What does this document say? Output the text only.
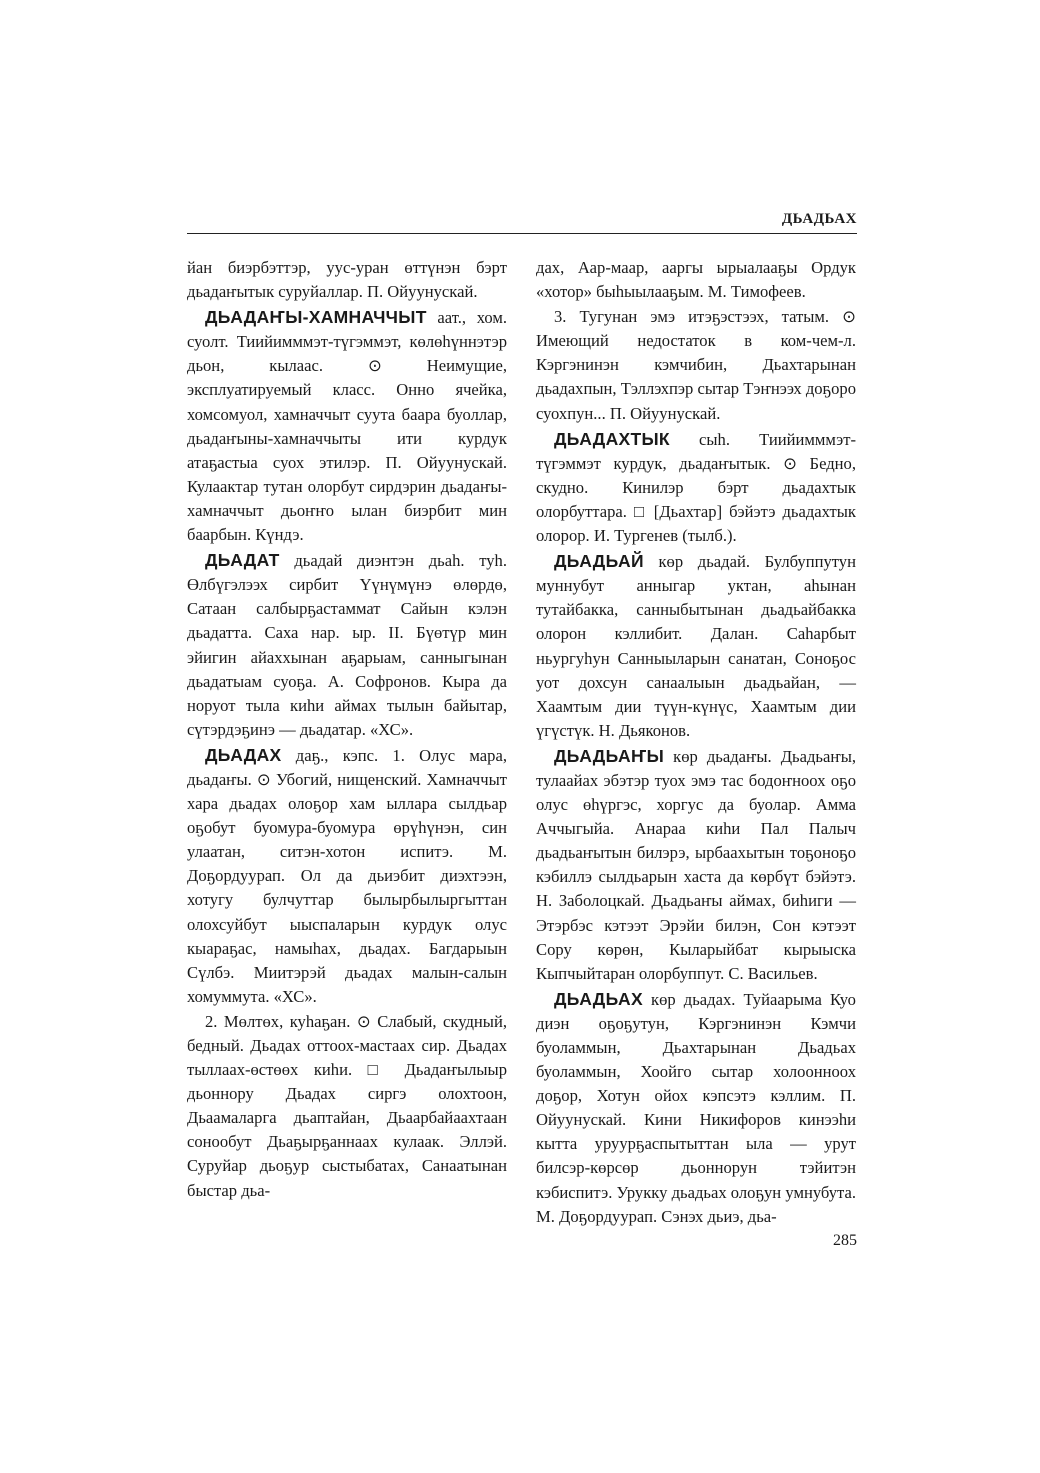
ДЬАДЬАХ

йан биэрбэттэр, уус-уран өттүнэн бэрт дьадаҥытык суруйаллар. П. Ойуунускай.

ДЬАДАҤЫ-ХАМНАЧЧЫТ аат., хом. суолт. Тиийимммэт-түгэммэт, көлөһүннэтэр дьон, кылаас. ⊙ Неимущие, эксплуатируемый класс. Онно ячейка, хомсомуол, хамначчыт суута баара буоллар, дьадаҥыны-хамначчыты ити курдук атаҕастыа суох этилэр. П. Ойуунускай. Кулаактар тутан олорбут сирдэрин дьадаҥы-хамначчыт дьоҥҥо ылан биэрбит мин баарбын. Күндэ.

ДЬАДАТ дьадай диэнтэн дьаһ. туһ. Өлбүгэлээх сирбит Үүнүмүнэ өлөрдө, Сатаан салбырҕастаммат Сайын кэлэн дьадатта. Саха нар. ыр. II. Бүөтүр мин эйигин айаххынан аҕарыам, санныгынан дьадатыам суоҕа. А. Софронов. Кыра да норуот тыла киһи аймах тылын байытар, сүтэрдэҕинэ — дьадатар. «ХС».

ДЬАДАХ даҕ., кэпс. 1. Олус мара, дьадаҥы. ⊙ Убогий, нищенский. Хамначчыт хара дьадах олоҕор хам ыллара сылдьар оҕобут буомура-буомура өрүһүнэн, син улаатан, ситэн-хотон испитэ. М. Доҕордуурап. Ол да дьиэбит диэхтээн, хотугу булчуттар былырбылыргыттан олохсуйбут ыыспаларын курдук олус кыараҕас, намыһах, дьадах. Багдарыын Сүлбэ. Миитэрэй дьадах малын-салын хомуммута. «ХС».

2. Мөлтөх, куһаҕан. ⊙ Слабый, скудный, бедный. Дьадах оттоох-мастаах сир. Дьадах тыллаах-өстөөх киһи. □ Дьадаҥылыыр дьоннору Дьадах сиргэ олохтоон, Дьаамаларга дьаптайан, Дьаарбайаахтаан сонообут Дьаҕырҕаннаах кулаак. Эллэй. Суруйар дьоҕур сыстыбатах, Санаатынан быстар дьа-

дах, Аар-маар, ааргы ырыалааҕы Ордук «хотор» быһыылааҕым. М. Тимофеев.

3. Тугунан эмэ итэҕэстээх, татым. ⊙ Имеющий недостаток в ком-чем-л. Кэргэнинэн кэмчибин, Дьахтарынан дьадахпын, Тэллэхпэр сытар Тэҥнээх доҕоро суохпун... П. Ойуунускай.

ДЬАДАХТЫК сыһ. Тиийимммэт-түгэммэт курдук, дьадаҥытык. ⊙ Бедно, скудно. Кинилэр бэрт дьадахтык олорбуттара. □ [Дьахтар] бэйэтэ дьадахтык олорор. И. Тургенев (тылб.).

ДЬАДЬАЙ көр дьадай. Булбуппутун муннубут анныгар уктан, аһынан тутайбакка, санныбытынан дьадьайбакка олорон кэллибит. Далан. Саһарбыт ньургуһун Санныыларын санатан, Соноҕос уот дохсун санаалыын дьадьайан, — Хаамтым дии түүн-күнүс, Хаамтым дии үгүстүк. Н. Дьяконов.

ДЬАДЬАҤЫ көр дьадаҥы. Дьадьаҥы, тулаайах эбэтэр туох эмэ тас бодоҥноох оҕо олус өһүргэс, хоргус да буолар. Амма Аччыгыйа. Анараа киһи Пал Палыч дьадьаҥытын билэрэ, ырбаахытын тоҕоноҕо кэбиллэ сылдьарын хаста да көрбүт бэйэтэ. Н. Заболоцкай. Дьадьаҥы аймах, биһиги — Этэрбэс кэтээт Эрэйи билэн, Сон кэтээт Сору көрөн, Кыларыйбат кырыыска Кыпчыйтаран олорбуппут. С. Васильев.

ДЬАДЬАХ көр дьадах. Туйаарыма Куо диэн оҕоҕутун, Кэргэнинэн Кэмчи буоламмын, Дьахтарынан Дьадьах буоламмын, Хоойго сытар холоонноох доҕор, Хотун ойох кэпсэтэ кэллим. П. Ойуунускай. Кини Никифоров кинээһи кытта уруурҕаспытыттан ыла — урут билсэр-көрсөр дьоннорун тэйитэн кэбиспитэ. Урукку дьадьах олоҕун умнубута. М. Доҕордуурап. Сэнэх дьиэ, дьа-

285
